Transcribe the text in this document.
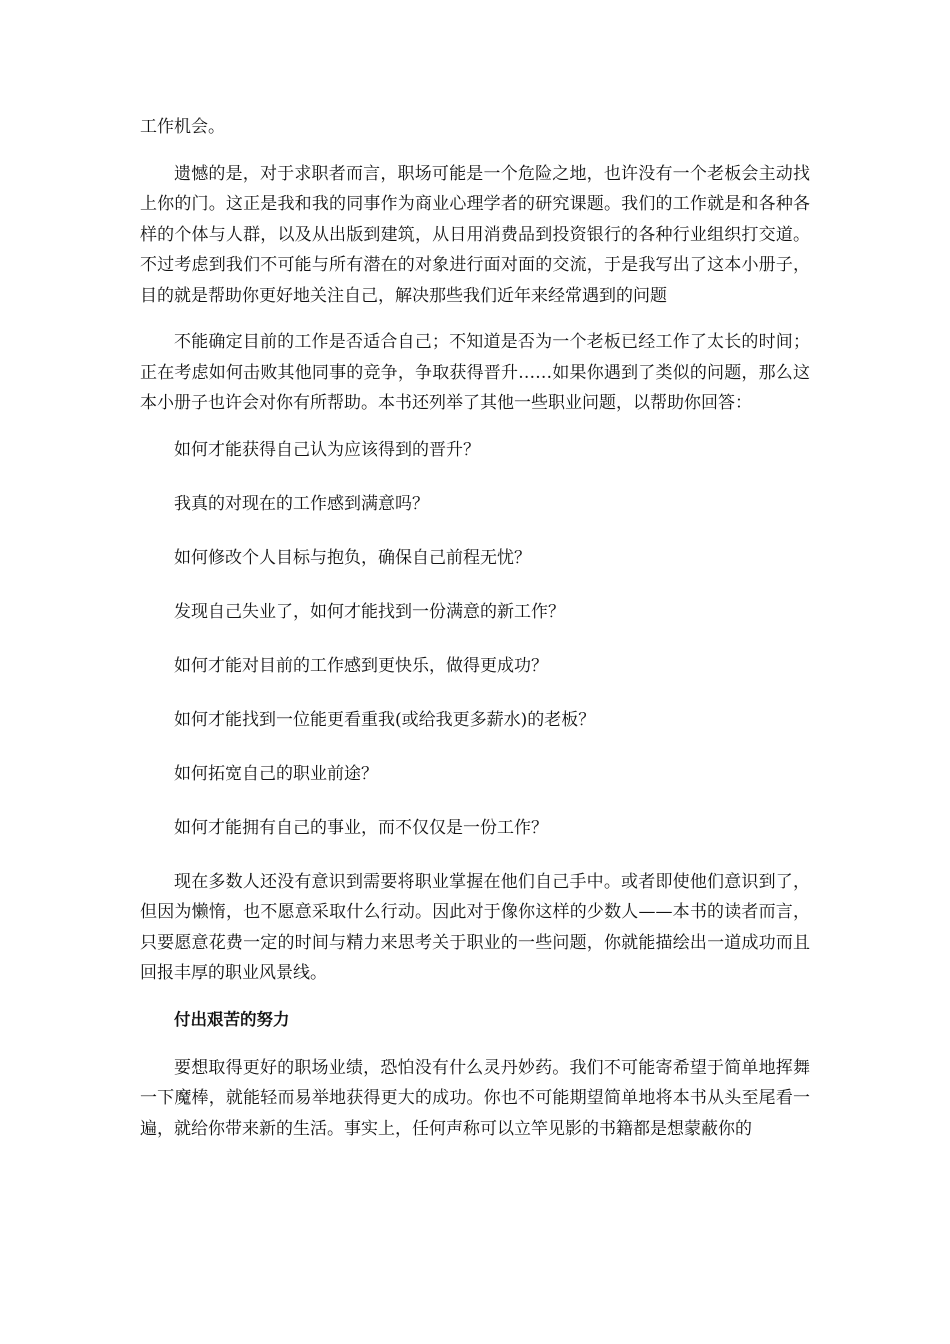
工作机会。

遗憾的是，对于求职者而言，职场可能是一个危险之地，也许没有一个老板会主动找上你的门。这正是我和我的同事作为商业心理学者的研究课题。我们的工作就是和各种各样的个体与人群，以及从出版到建筑，从日用消费品到投资银行的各种行业组织打交道。不过考虑到我们不可能与所有潜在的对象进行面对面的交流，于是我写出了这本小册子，目的就是帮助你更好地关注自己，解决那些我们近年来经常遇到的问题

不能确定目前的工作是否适合自己；不知道是否为一个老板已经工作了太长的时间；正在考虑如何击败其他同事的竞争，争取获得晋升……如果你遇到了类似的问题，那么这本小册子也许会对你有所帮助。本书还列举了其他一些职业问题，以帮助你回答：

如何才能获得自己认为应该得到的晋升？

我真的对现在的工作感到满意吗？

如何修改个人目标与抱负，确保自己前程无忧？

发现自己失业了，如何才能找到一份满意的新工作？

如何才能对目前的工作感到更快乐，做得更成功？

如何才能找到一位能更看重我(或给我更多薪水)的老板？

如何拓宽自己的职业前途？

如何才能拥有自己的事业，而不仅仅是一份工作？

现在多数人还没有意识到需要将职业掌握在他们自己手中。或者即使他们意识到了，但因为懒惰，也不愿意采取什么行动。因此对于像你这样的少数人——本书的读者而言，只要愿意花费一定的时间与精力来思考关于职业的一些问题，你就能描绘出一道成功而且回报丰厚的职业风景线。

付出艰苦的努力

要想取得更好的职场业绩，恐怕没有什么灵丹妙药。我们不可能寄希望于简单地挥舞一下魔棒，就能轻而易举地获得更大的成功。你也不可能期望简单地将本书从头至尾看一遍，就给你带来新的生活。事实上，任何声称可以立竿见影的书籍都是想蒙蔽你的
